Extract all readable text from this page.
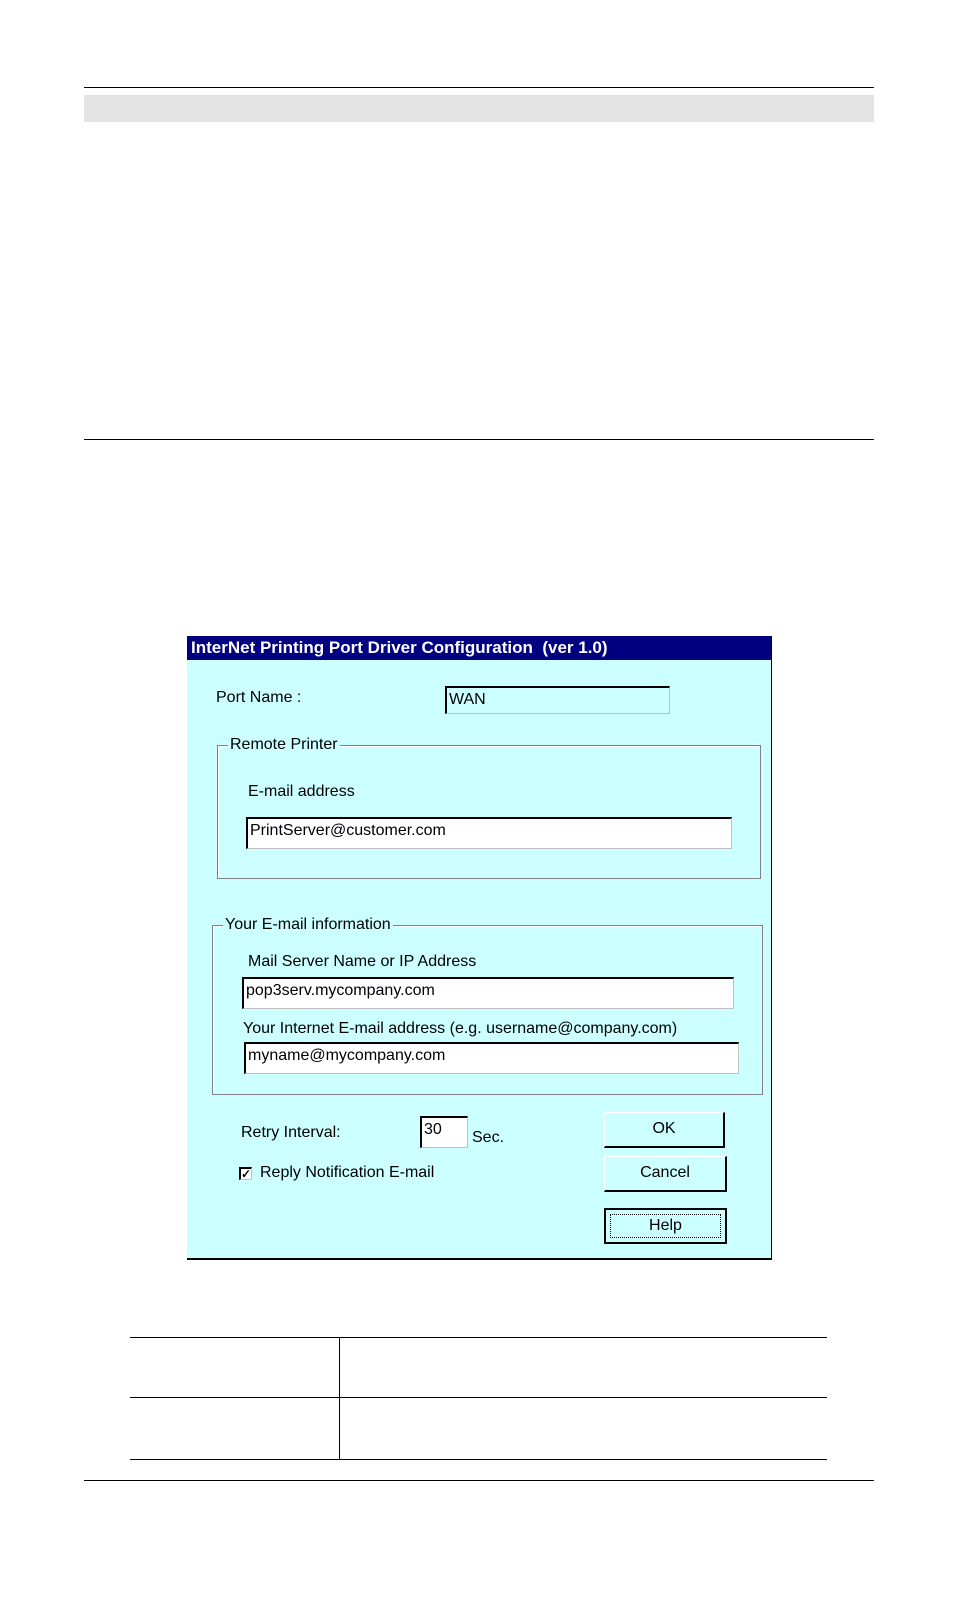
InterNet Printing Port Driver Configuration  (ver 1.0)
Port Name :	WAN
Remote Printer
E-mail address
PrintServer@customer.com
Your E-mail information
Mail Server Name or IP Address
pop3serv.mycompany.com
Your Internet E-mail address (e.g. username@company.com)
myname@mycompany.com
Retry Interval:	30	Sec.
✓ Reply Notification E-mail
OK
Cancel
Help
